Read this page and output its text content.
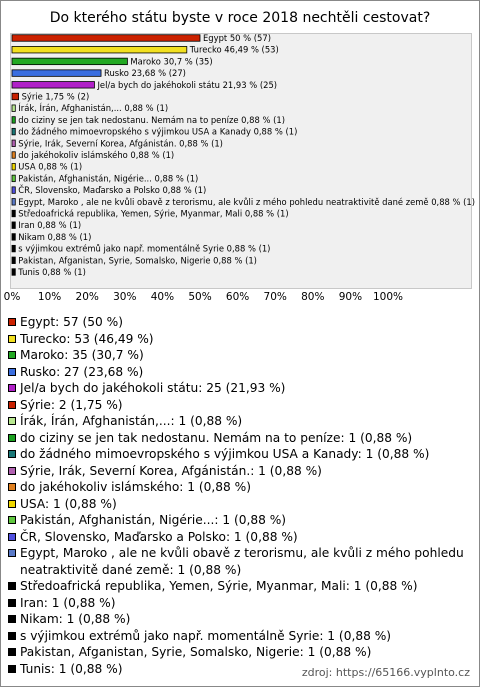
Do kterého státu byste v roce 2018 nechtěli cestovat?
Egypt 50 % (57)
Turecko 46,49 % (53)
Maroko 30,7 % (35)
Rusko 23,68 % (27)
Jel/a bych do jakéhokoli státu 21,93 % (25)
Sýrie 1,75 % (2)
Írák, Írán, Afghanistán,... 0,88 % (1)
do ciziny se jen tak nedostanu. Nemám na to peníze 0,88 % (1)
do žádného mimoevropského s výjimkou USA a Kanady 0,88 % (1)
Sýrie, Irák, Severní Korea, Afgánistán. 0,88 % (1)
do jakéhokoliv islámského 0,88 % (1)
USA 0,88 % (1)
Pakistán, Afghanistán, Nigérie... 0,88 % (1)
ČR, Slovensko, Maďarsko a Polsko 0,88 % (1)
Egypt, Maroko , ale ne kvůli obavě z terorismu, ale kvůli z mého pohledu neatraktivitě dané země 0,88 % (1)
Středoafrická republika, Yemen, Sýrie, Myanmar, Mali 0,88 % (1)
Iran 0,88 % (1)
Nikam 0,88 % (1)
s výjimkou extrémů jako např. momentálně Syrie 0,88 % (1)
Pakistan, Afganistan, Syrie, Somalsko, Nigerie 0,88 % (1)
Tunis 0,88 % (1)
0% 10% 20% 30% 40% 50% 60% 70% 80% 90% 100%
Egypt: 57 (50 %)
Turecko: 53 (46,49 %)
Maroko: 35 (30,7 %)
Rusko: 27 (23,68 %)
Jel/a bych do jakéhokoli státu: 25 (21,93 %)
Sýrie: 2 (1,75 %)
Írák, Írán, Afghanistán,...: 1 (0,88 %)
do ciziny se jen tak nedostanu. Nemám na to peníze: 1 (0,88 %)
do žádného mimoevropského s výjimkou USA a Kanady: 1 (0,88 %)
Sýrie, Irák, Severní Korea, Afgánistán.: 1 (0,88 %)
do jakéhokoliv islámského: 1 (0,88 %)
USA: 1 (0,88 %)
Pakistán, Afghanistán, Nigérie...: 1 (0,88 %)
ČR, Slovensko, Maďarsko a Polsko: 1 (0,88 %)
Egypt, Maroko , ale ne kvůli obavě z terorismu, ale kvůli z mého pohledu neatraktivitě dané země: 1 (0,88 %)
Středoafrická republika, Yemen, Sýrie, Myanmar, Mali: 1 (0,88 %)
Iran: 1 (0,88 %)
Nikam: 1 (0,88 %)
s výjimkou extrémů jako např. momentálně Syrie: 1 (0,88 %)
Pakistan, Afganistan, Syrie, Somalsko, Nigerie: 1 (0,88 %)
Tunis: 1 (0,88 %)	zdroj: https://65166.vyplnto.cz
